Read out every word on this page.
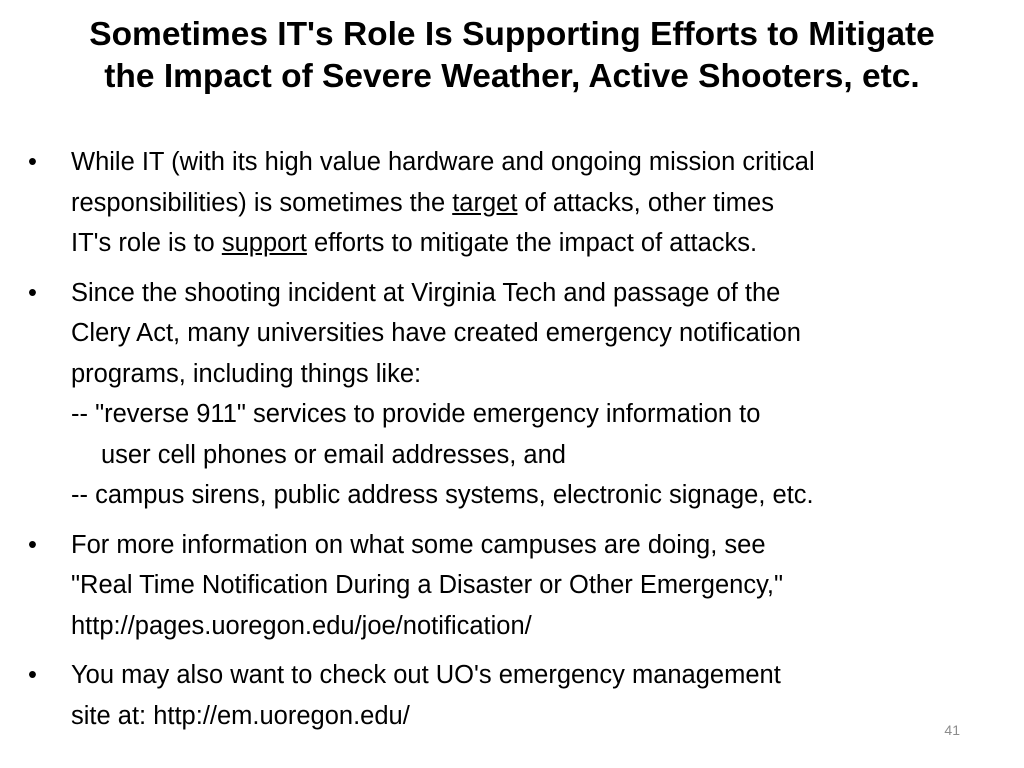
Sometimes IT's Role Is Supporting Efforts to Mitigate
the Impact of Severe Weather, Active Shooters, etc.
•	While IT (with its high value hardware and ongoing mission critical
responsibilities) is sometimes the target of attacks, other times
IT's role is to support efforts to mitigate the impact of attacks.
•	Since the shooting incident at Virginia Tech and passage of the
Clery Act, many universities have created emergency notification
programs, including things like:
-- "reverse 911" services to provide emergency information to
user cell phones or email addresses, and
-- campus sirens, public address systems, electronic signage, etc.
•	For more information on what some campuses are doing, see
"Real Time Notification During a Disaster or Other Emergency,"
http://pages.uoregon.edu/joe/notification/
•	You may also want to check out UO's emergency management
site at: http://em.uoregon.edu/
41
